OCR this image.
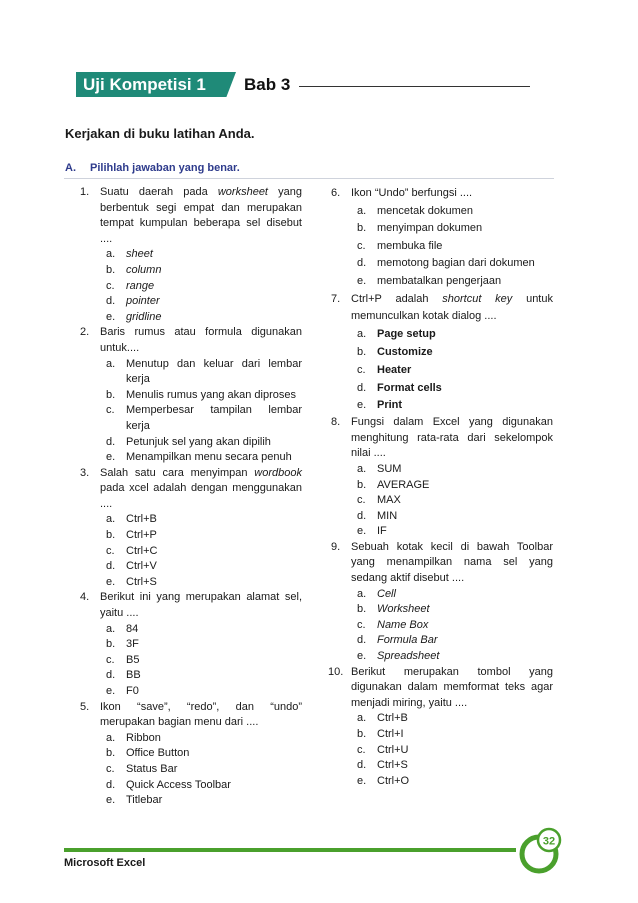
Uji Kompetisi 1 Bab 3
Kerjakan di buku latihan Anda.
A. Pilihlah jawaban yang benar.
1. Suatu daerah pada worksheet yang berbentuk segi empat dan merupakan tempat kumpulan beberapa sel disebut ....
a. sheet
b. column
c. range
d. pointer
e. gridline
2. Baris rumus atau formula digunakan untuk....
a. Menutup dan keluar dari lembar kerja
b. Menulis rumus yang akan diproses
c. Memperbesar tampilan lembar kerja
d. Petunjuk sel yang akan dipilih
e. Menampilkan menu secara penuh
3. Salah satu cara menyimpan wordbook pada xcel adalah dengan menggunakan ....
a. Ctrl+B
b. Ctrl+P
c. Ctrl+C
d. Ctrl+V
e. Ctrl+S
4. Berikut ini yang merupakan alamat sel, yaitu ....
a. 84
b. 3F
c. B5
d. BB
e. F0
5. Ikon “save”, “redo”, dan “undo” merupakan bagian menu dari ....
a. Ribbon
b. Office Button
c. Status Bar
d. Quick Access Toolbar
e. Titlebar
6. Ikon “Undo” berfungsi ....
a. mencetak dokumen
b. menyimpan dokumen
c. membuka file
d. memotong bagian dari dokumen
e. membatalkan pengerjaan
7. Ctrl+P adalah shortcut key untuk memunculkan kotak dialog ....
a. Page setup
b. Customize
c. Heater
d. Format cells
e. Print
8. Fungsi dalam Excel yang digunakan menghitung rata-rata dari sekelompok nilai ....
a. SUM
b. AVERAGE
c. MAX
d. MIN
e. IF
9. Sebuah kotak kecil di bawah Toolbar yang menampilkan nama sel yang sedang aktif disebut ....
a. Cell
b. Worksheet
c. Name Box
d. Formula Bar
e. Spreadsheet
10. Berikut merupakan tombol yang digunakan dalam memformat teks agar menjadi miring, yaitu ....
a. Ctrl+B
b. Ctrl+I
c. Ctrl+U
d. Ctrl+S
e. Ctrl+O
Microsoft Excel
32
